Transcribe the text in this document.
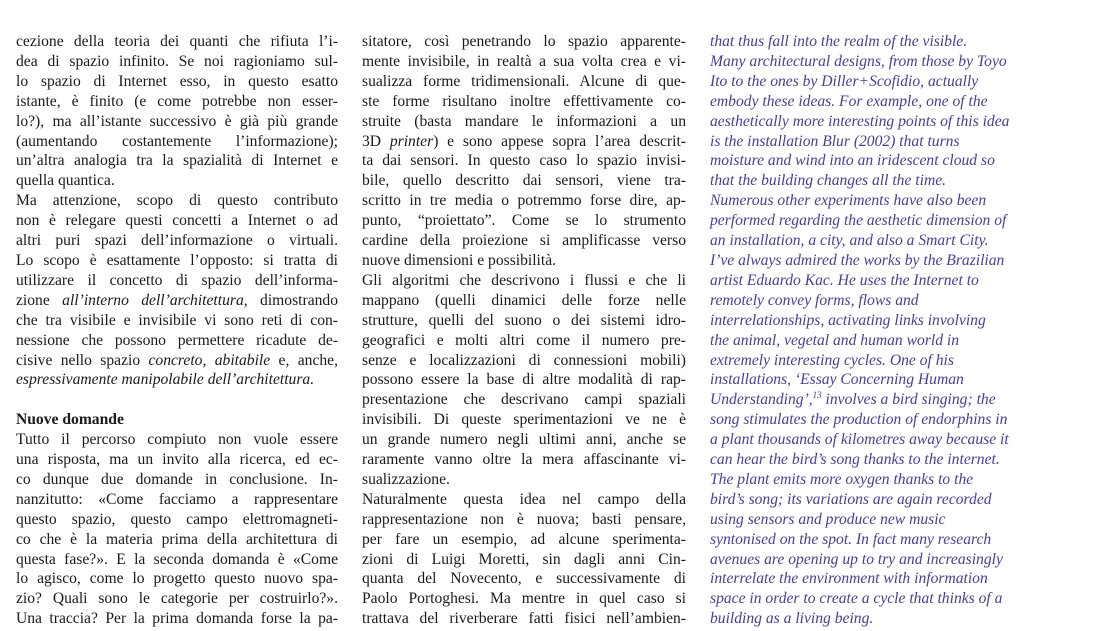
cezione della teoria dei quanti che rifiuta l’i-
dea di spazio infinito. Se noi ragioniamo sul-
lo spazio di Internet esso, in questo esatto
istante, è finito (e come potrebbe non esser-
lo?), ma all’istante successivo è già più grande
(aumentando costantemente l’informazione);
un’altra analogia tra la spazialità di Internet e
quella quantica.

Ma attenzione, scopo di questo contributo
non è relegare questi concetti a Internet o ad
altri puri spazi dell’informazione o virtuali.
Lo scopo è esattamente l’opposto: si tratta di
utilizzare il concetto di spazio dell’informa-
zione all’interno dell’architettura, dimostrando
che tra visibile e invisibile vi sono reti di con-
nessione che possono permettere ricadute de-
cisive nello spazio concreto, abitabile e, anche,
espressivamente manipolabile dell’architettura.

Nuove domande

Tutto il percorso compiuto non vuole essere
una risposta, ma un invito alla ricerca, ed ec-
co dunque due domande in conclusione. In-
nanzitutto: «Come facciamo a rappresentare
questo spazio, questo campo elettromagneti-
co che è la materia prima della architettura di
questa fase?». E la seconda domanda è «Come
lo agisco, come lo progetto questo nuovo spa-
zio? Quali sono le categorie per costruirlo?».
Una traccia? Per la prima domanda forse la pa-

sitatore, così penetrando lo spazio apparente-
mente invisibile, in realtà a sua volta crea e vi-
sualizza forme tridimensionali. Alcune di que-
ste forme risultano inoltre effettivamente co-
struite (basta mandare le informazioni a un
3D printer) e sono appese sopra l’area descrit-
ta dai sensori. In questo caso lo spazio invisi-
bile, quello descritto dai sensori, viene tra-
scritto in tre media o potremmo forse dire, ap-
punto, “proiettato”. Come se lo strumento
cardine della proiezione si amplificasse verso
nuove dimensioni e possibilità.

Gli algoritmi che descrivono i flussi e che li
mappano (quelli dinamici delle forze nelle
strutture, quelli del suono o dei sistemi idro-
geografici e molti altri come il numero pre-
senze e localizzazioni di connessioni mobili)
possono essere la base di altre modalità di rap-
presentazione che descrivano campi spaziali
invisibili. Di queste sperimentazioni ve ne è
un grande numero negli ultimi anni, anche se
raramente vanno oltre la mera affascinante vi-
sualizzazione.

Naturalmente questa idea nel campo della
rappresentazione non è nuova; basti pensare,
per fare un esempio, ad alcune sperimenta-
zioni di Luigi Moretti, sin dagli anni Cin-
quanta del Novecento, e successivamente di
Paolo Portoghesi. Ma mentre in quel caso si
trattava del riverberare fatti fisici nell’ambien-

that thus fall into the realm of the visible.
Many architectural designs, from those by Toyo
Ito to the ones by Diller+Scofidio, actually
embody these ideas. For example, one of the
aesthetically more interesting points of this idea
is the installation Blur (2002) that turns
moisture and wind into an iridescent cloud so
that the building changes all the time.
Numerous other experiments have also been
performed regarding the aesthetic dimension of
an installation, a city, and also a Smart City.
I’ve always admired the works by the Brazilian
artist Eduardo Kac. He uses the Internet to
remotely convey forms, flows and
interrelationships, activating links involving
the animal, vegetal and human world in
extremely interesting cycles. One of his
installations, ‘Essay Concerning Human
Understanding’,$^{13}$ involves a bird singing; the
song stimulates the production of endorphins in
a plant thousands of kilometres away because it
can hear the bird’s song thanks to the internet.
The plant emits more oxygen thanks to the
bird’s song; its variations are again recorded
using sensors and produce new music
syntonised on the spot. In fact many research
avenues are opening up to try and increasingly
interrelate the environment with information
space in order to create a cycle that thinks of a
building as a living being.
